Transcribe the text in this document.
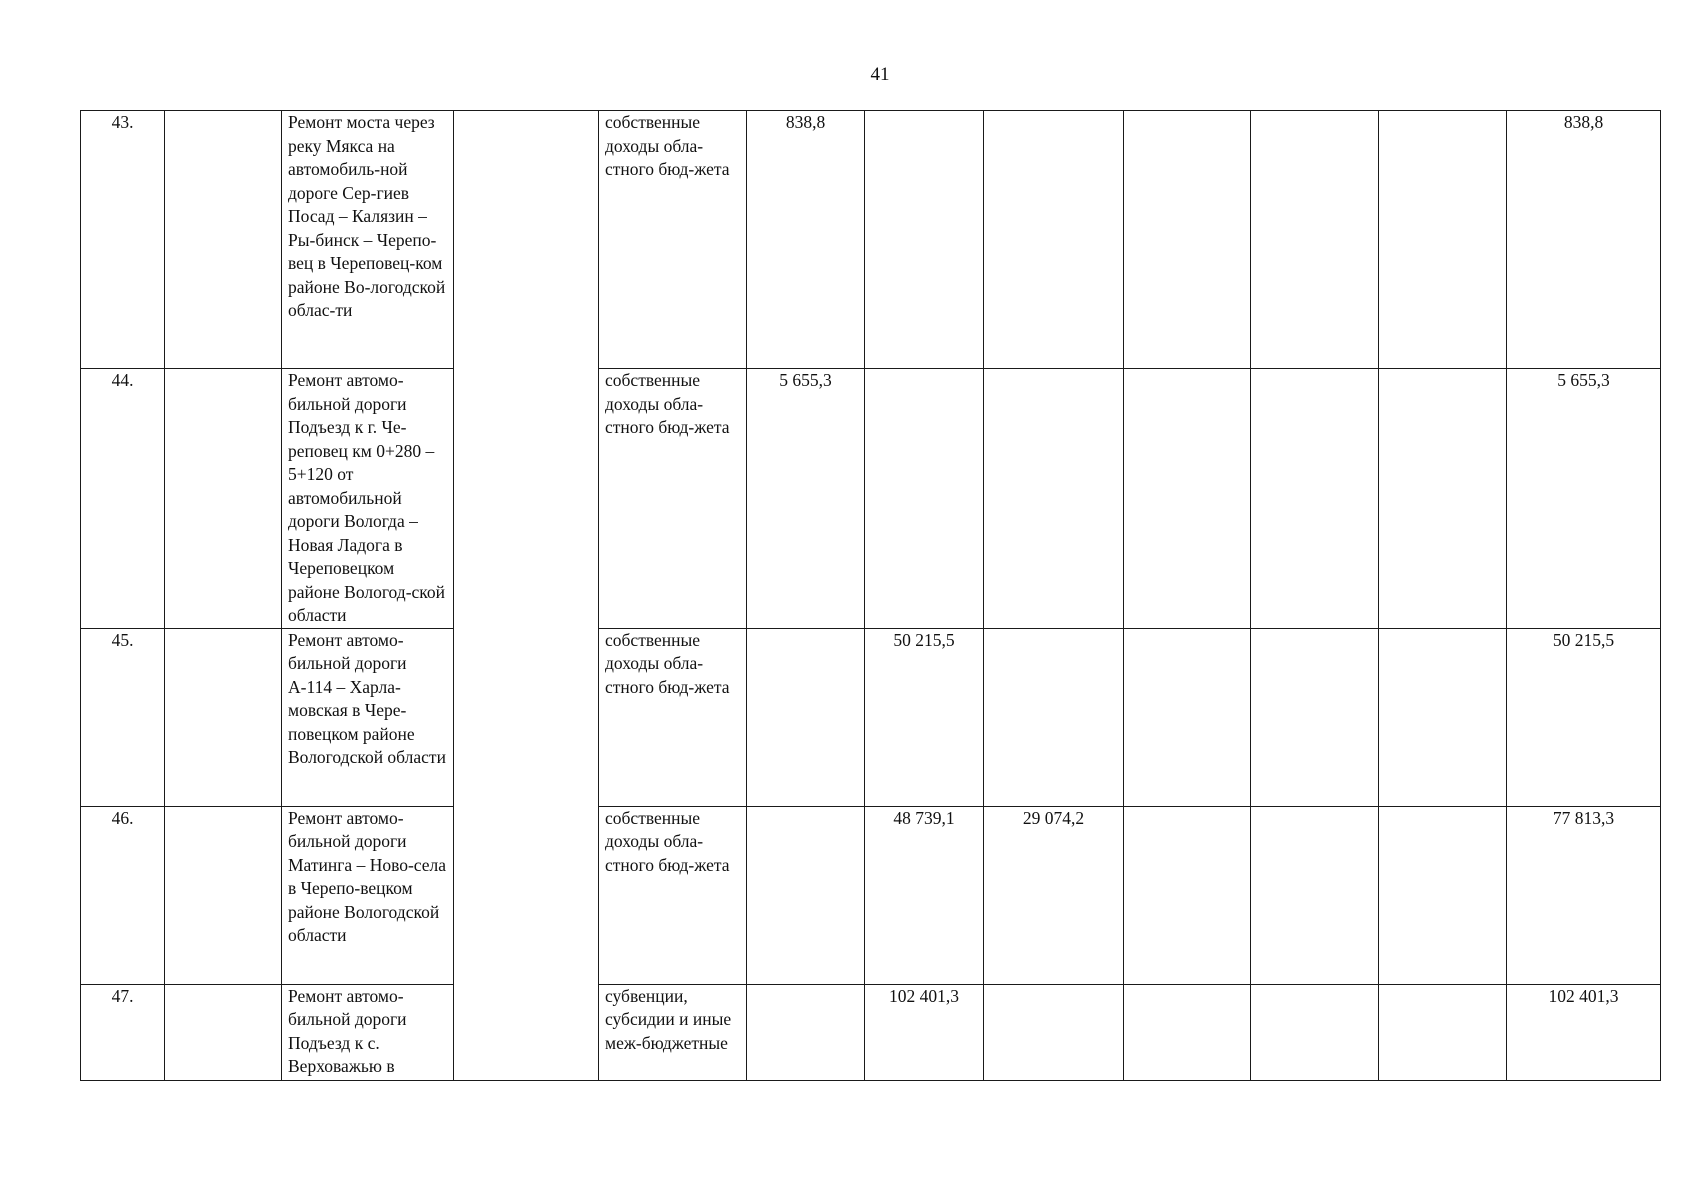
41
43.		Ремонт моста через реку Мякса на автомобиль-ной дороге Сер-гиев Посад – Калязин – Ры-бинск – Черепо-вец в Череповец-ком районе Во-логодской облас-ти		собственные доходы обла-стного бюд-жета	838,8						838,8

44.		Ремонт автомо-бильной дороги Подъезд к г. Че-реповец км 0+280 – 5+120 от автомобильной дороги Вологда – Новая Ладога в Череповецком районе Вологод-ской области		собственные доходы обла-стного бюд-жета	5 655,3						5 655,3

45.		Ремонт автомо-бильной дороги А-114 – Харла-мовская в Чере-повецком районе Вологодской области		собственные доходы обла-стного бюд-жета		50 215,5					50 215,5

46.		Ремонт автомо-бильной дороги Матинга – Ново-села в Черепо-вецком районе Вологодской области		собственные доходы обла-стного бюд-жета		48 739,1	29 074,2				77 813,3

47.		Ремонт автомо-бильной дороги Подъезд к с. Верховажью в		субвенции, субсидии и иные меж-бюджетные		102 401,3					102 401,3
